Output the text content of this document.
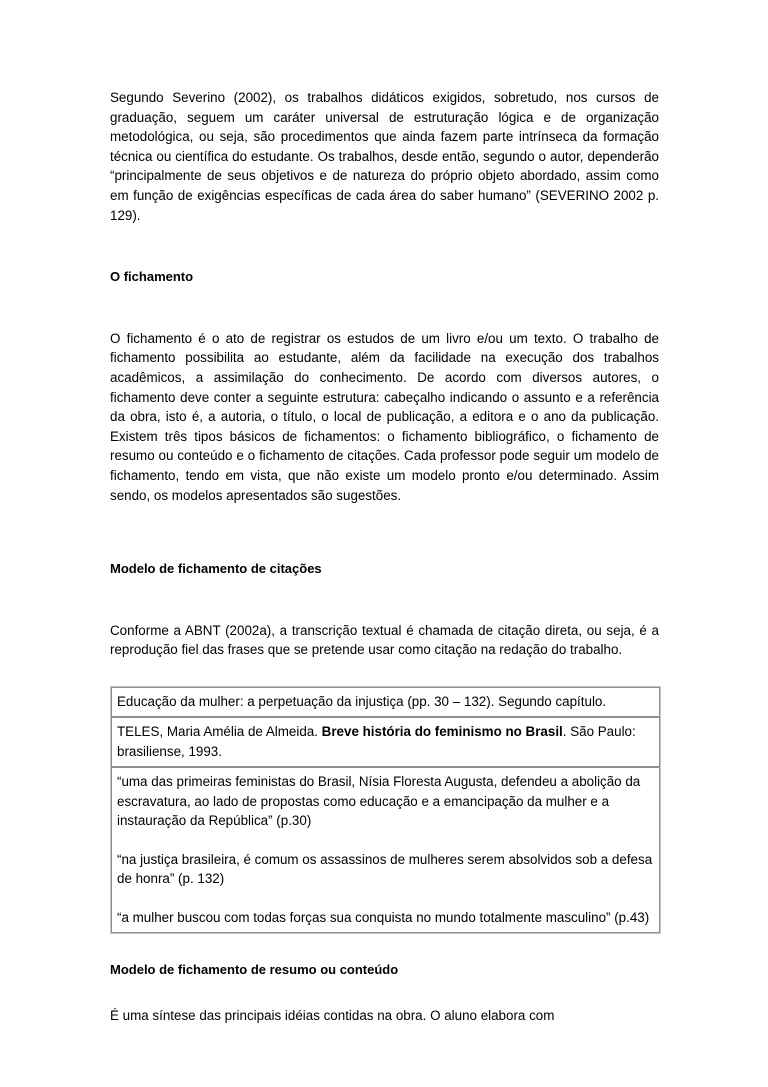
Segundo Severino (2002), os trabalhos didáticos exigidos, sobretudo, nos cursos de graduação, seguem um caráter universal de estruturação lógica e de organização metodológica, ou seja, são procedimentos que ainda fazem parte intrínseca da formação técnica ou científica do estudante. Os trabalhos, desde então, segundo o autor, dependerão “principalmente de seus objetivos e de natureza do próprio objeto abordado, assim como em função de exigências específicas de cada área do saber humano” (SEVERINO 2002 p. 129).

O fichamento

O fichamento é o ato de registrar os estudos de um livro e/ou um texto. O trabalho de fichamento possibilita ao estudante, além da facilidade na execução dos trabalhos acadêmicos, a assimilação do conhecimento. De acordo com diversos autores, o fichamento deve conter a seguinte estrutura: cabeçalho indicando o assunto e a referência da obra, isto é, a autoria, o título, o local de publicação, a editora e o ano da publicação. Existem três tipos básicos de fichamentos: o fichamento bibliográfico, o fichamento de resumo ou conteúdo e o fichamento de citações. Cada professor pode seguir um modelo de fichamento, tendo em vista, que não existe um modelo pronto e/ou determinado. Assim sendo, os modelos apresentados são sugestões.

Modelo de fichamento de citações

Conforme a ABNT (2002a), a transcrição textual é chamada de citação direta, ou seja, é a reprodução fiel das frases que se pretende usar como citação na redação do trabalho.

Educação da mulher: a perpetuação da injustiça (pp. 30 – 132). Segundo capítulo.

TELES, Maria Amélia de Almeida. Breve história do feminismo no Brasil. São Paulo: brasiliense, 1993.

“uma das primeiras feministas do Brasil, Nísia Floresta Augusta, defendeu a abolição da escravatura, ao lado de propostas como educação e a emancipação da mulher e a instauração da República” (p.30)
“na justiça brasileira, é comum os assassinos de mulheres serem absolvidos sob a defesa de honra” (p. 132)
“a mulher buscou com todas forças sua conquista no mundo totalmente masculino” (p.43)
Modelo de fichamento de resumo ou conteúdo

É uma síntese das principais idéias contidas na obra. O aluno elabora com
